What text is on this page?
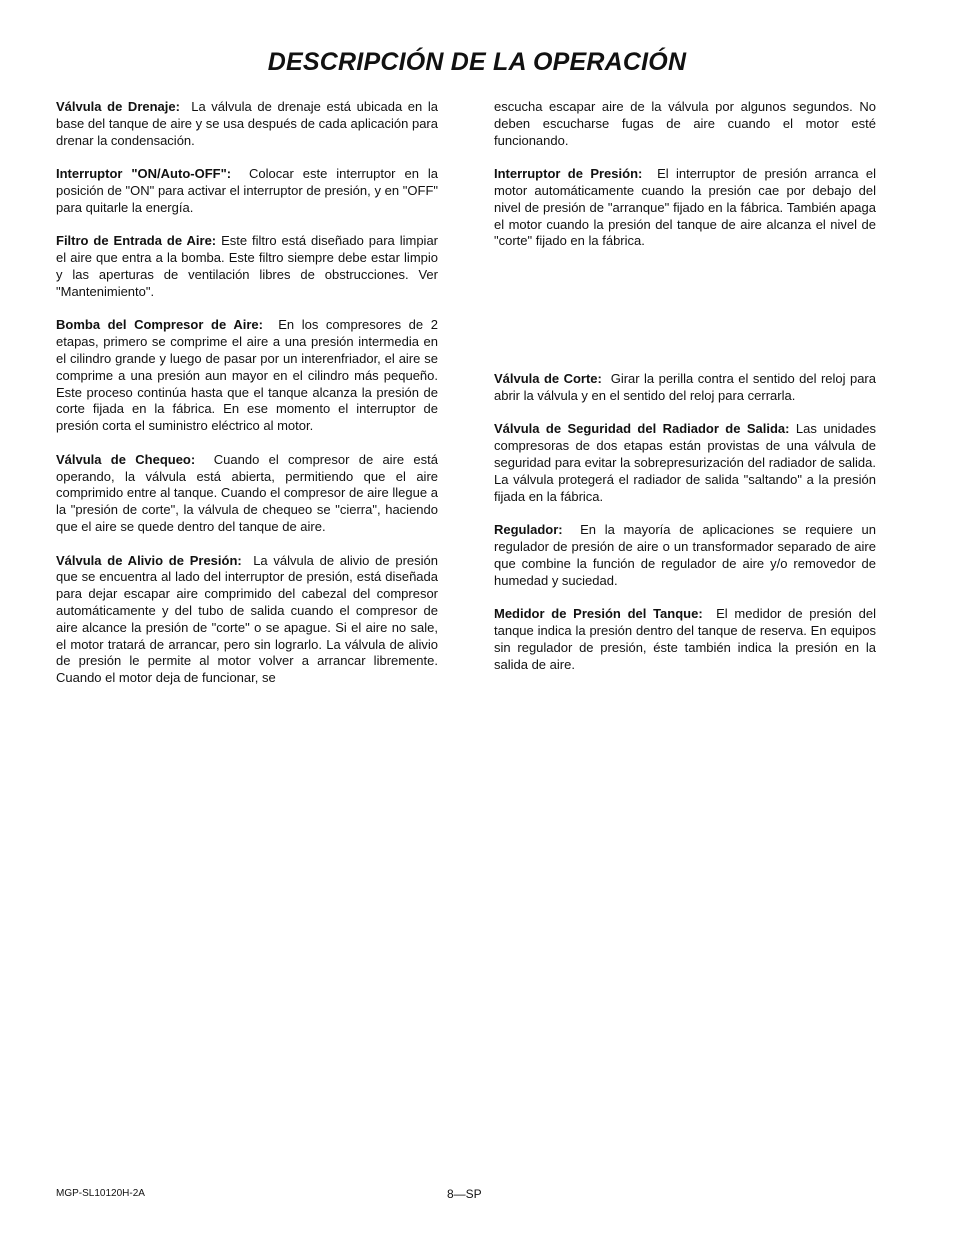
DESCRIPCIÓN DE LA OPERACIÓN

Válvula de Drenaje: La válvula de drenaje está ubicada en la base del tanque de aire y se usa después de cada aplicación para drenar la condensación.

Interruptor "ON/Auto-OFF": Colocar este interruptor en la posición de "ON" para activar el interruptor de presión, y en "OFF" para quitarle la energía.

Filtro de Entrada de Aire: Este filtro está diseñado para limpiar el aire que entra a la bomba. Este filtro siempre debe estar limpio y las aperturas de ventilación libres de obstrucciones. Ver "Mantenimiento".

Bomba del Compresor de Aire: En los compresores de 2 etapas, primero se comprime el aire a una presión intermedia en el cilindro grande y luego de pasar por un interenfriador, el aire se comprime a una presión aun mayor en el cilindro más pequeño. Este proceso continúa hasta que el tanque alcanza la presión de corte fijada en la fábrica. En ese momento el interruptor de presión corta el suministro eléctrico al motor.

Válvula de Chequeo: Cuando el compresor de aire está operando, la válvula está abierta, permitiendo que el aire comprimido entre al tanque. Cuando el compresor de aire llegue a la "presión de corte", la válvula de chequeo se "cierra", haciendo que el aire se quede dentro del tanque de aire.

Válvula de Alivio de Presión: La válvula de alivio de presión que se encuentra al lado del interruptor de presión, está diseñada para dejar escapar aire comprimido del cabezal del compresor automáticamente y del tubo de salida cuando el compresor de aire alcance la presión de "corte" o se apague. Si el aire no sale, el motor tratará de arrancar, pero sin lograrlo. La válvula de alivio de presión le permite al motor volver a arrancar libremente. Cuando el motor deja de funcionar, se

escucha escapar aire de la válvula por algunos segundos. No deben escucharse fugas de aire cuando el motor esté funcionando.

Interruptor de Presión: El interruptor de presión arranca el motor automáticamente cuando la presión cae por debajo del nivel de presión de "arranque" fijado en la fábrica. También apaga el motor cuando la presión del tanque de aire alcanza el nivel de "corte" fijado en la fábrica.

Válvula de Corte: Girar la perilla contra el sentido del reloj para abrir la válvula y en el sentido del reloj para cerrarla.

Válvula de Seguridad del Radiador de Salida: Las unidades compresoras de dos etapas están provistas de una válvula de seguridad para evitar la sobrepresurización del radiador de salida. La válvula protegerá el radiador de salida "saltando" a la presión fijada en la fábrica.

Regulador: En la mayoría de aplicaciones se requiere un regulador de presión de aire o un transformador separado de aire que combine la función de regulador de aire y/o removedor de humedad y suciedad.

Medidor de Presión del Tanque: El medidor de presión del tanque indica la presión dentro del tanque de reserva. En equipos sin regulador de presión, éste también indica la presión en la salida de aire.

MGP-SL10120H-2A	8—SP
